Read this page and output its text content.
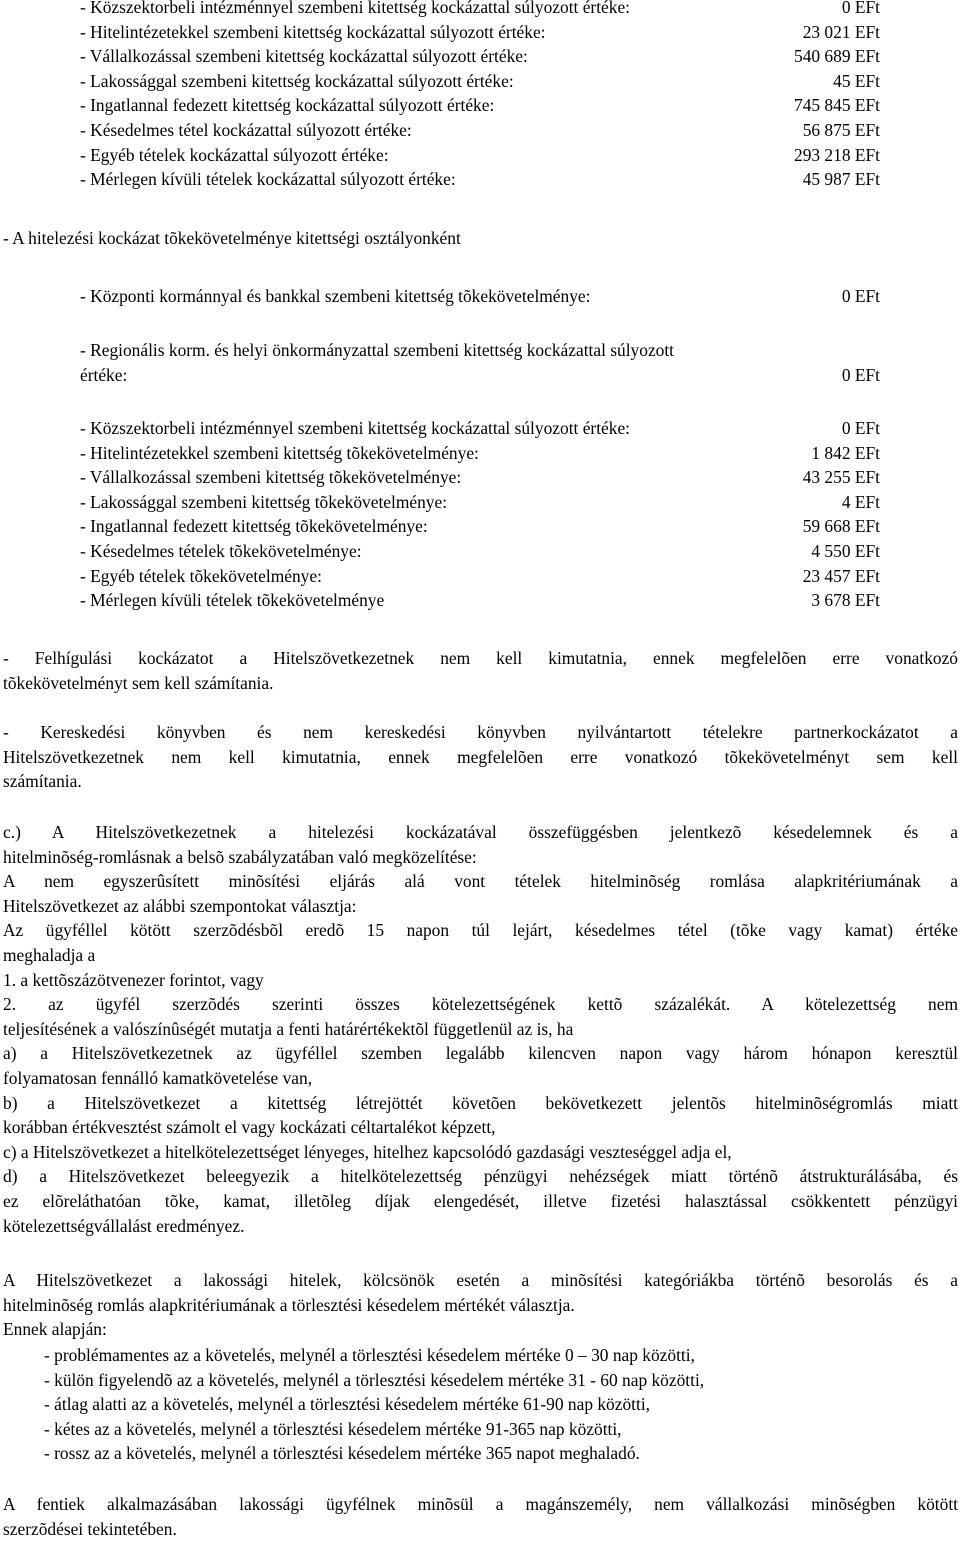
- Közszektorbeli intézménnyel szembeni kitettség kockázattal súlyozott értéke:	0 EFt
- Hitelintézetekkel szembeni kitettség kockázattal súlyozott értéke:	23 021 EFt
- Vállalkozással szembeni kitettség kockázattal súlyozott értéke:	540 689 EFt
- Lakossággal szembeni kitettség kockázattal súlyozott értéke:	45 EFt
- Ingatlannal fedezett kitettség kockázattal súlyozott értéke:	745 845 EFt
- Késedelmes tétel kockázattal súlyozott értéke:	56 875 EFt
- Egyéb tételek kockázattal súlyozott értéke:	293 218 EFt
- Mérlegen kívüli tételek kockázattal súlyozott értéke:	45 987 EFt
- A hitelezési kockázat tõkekövetelménye kitettségi osztályonként
- Központi kormánnyal és bankkal szembeni kitettség tõkekövetelménye:	0 EFt
- Regionális korm. és helyi önkormányzattal szembeni kitettség kockázattal súlyozott
értéke:	0 EFt
- Közszektorbeli intézménnyel szembeni kitettség kockázattal súlyozott értéke:	0 EFt
- Hitelintézetekkel szembeni kitettség tõkekövetelménye:	1 842 EFt
- Vállalkozással szembeni kitettség tõkekövetelménye:	43 255 EFt
- Lakossággal szembeni kitettség tõkekövetelménye:	4 EFt
- Ingatlannal fedezett kitettség tõkekövetelménye:	59 668 EFt
- Késedelmes tételek tõkekövetelménye:	4 550 EFt
- Egyéb tételek tõkekövetelménye:	23 457 EFt
- Mérlegen kívüli tételek tõkekövetelménye	3 678 EFt
- Felhígulási kockázatot a Hitelszövetkezetnek nem kell kimutatnia, ennek megfelelõen erre vonatkozó
tõkekövetelményt sem kell számítania.
- Kereskedési könyvben és nem kereskedési könyvben nyilvántartott tételekre partnerkockázatot a
Hitelszövetkezetnek nem kell kimutatnia, ennek megfelelõen erre vonatkozó tõkekövetelményt sem kell
számítania.
c.) A Hitelszövetkezetnek a hitelezési kockázatával összefüggésben jelentkezõ késedelemnek és a
hitelminõség-romlásnak a belsõ szabályzatában való megközelítése:
A nem egyszerûsített minõsítési eljárás alá vont tételek hitelminõség romlása alapkritériumának a
Hitelszövetkezet az alábbi szempontokat választja:
Az ügyféllel kötött szerzõdésbõl eredõ 15 napon túl lejárt, késedelmes tétel (tõke vagy kamat) értéke
meghaladja a
1. a kettõszázötvenezer forintot, vagy
2. az ügyfél szerzõdés szerinti összes kötelezettségének kettõ százalékát. A kötelezettség nem
teljesítésének a valószínûségét mutatja a fenti határértékektõl függetlenül az is, ha
a) a Hitelszövetkezetnek az ügyféllel szemben legalább kilencven napon vagy három hónapon keresztül
folyamatosan fennálló kamatkövetelése van,
b) a Hitelszövetkezet a kitettség létrejöttét követõen bekövetkezett jelentõs hitelminõségromlás miatt
korábban értékvesztést számolt el vagy kockázati céltartalékot képzett,
c) a Hitelszövetkezet a hitelkötelezettséget lényeges, hitelhez kapcsolódó gazdasági veszteséggel adja el,
d) a Hitelszövetkezet beleegyezik a hitelkötelezettség pénzügyi nehézségek miatt történõ átstrukturálásába, és
ez elõreláthatóan tõke, kamat, illetõleg díjak elengedését, illetve fizetési halasztással csökkentett pénzügyi
kötelezettségvállalást eredményez.
A Hitelszövetkezet a lakossági hitelek, kölcsönök esetén a minõsítési kategóriákba történõ besorolás és a
hitelminõség romlás alapkritériumának a törlesztési késedelem mértékét választja.
Ennek alapján:
- problémamentes az a követelés, melynél a törlesztési késedelem mértéke 0 – 30 nap közötti,
- külön figyelendõ az a követelés, melynél a törlesztési késedelem mértéke 31 - 60 nap közötti,
- átlag alatti az a követelés, melynél a törlesztési késedelem mértéke 61-90 nap közötti,
- kétes az a követelés, melynél a törlesztési késedelem mértéke 91-365 nap közötti,
- rossz az a követelés, melynél a törlesztési késedelem mértéke 365 napot meghaladó.
A fentiek alkalmazásában lakossági ügyfélnek minõsül a magánszemély, nem vállalkozási minõségben kötött
szerzõdései tekintetében.
